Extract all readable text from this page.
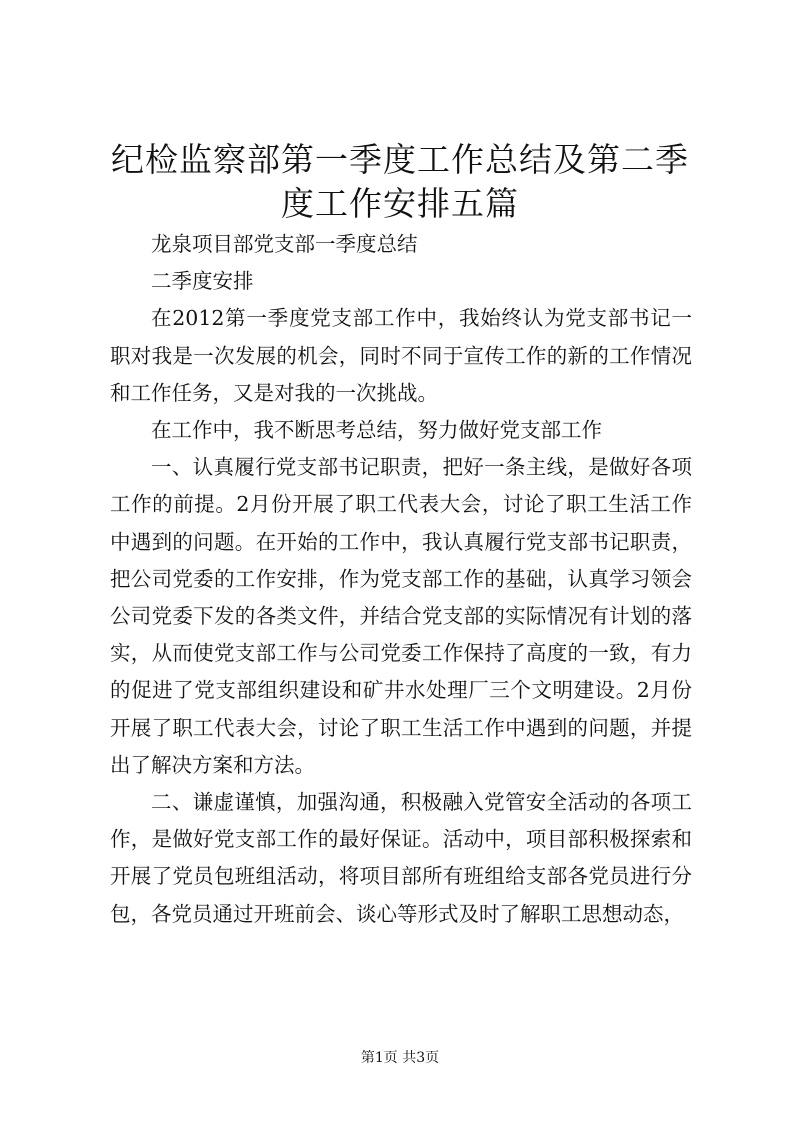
纪检监察部第一季度工作总结及第二季度工作安排五篇

龙泉项目部党支部一季度总结

二季度安排

在2012第一季度党支部工作中，我始终认为党支部书记一职对我是一次发展的机会，同时不同于宣传工作的新的工作情况和工作任务，又是对我的一次挑战。

在工作中，我不断思考总结，努力做好党支部工作

一、认真履行党支部书记职责，把好一条主线，是做好各项工作的前提。2月份开展了职工代表大会，讨论了职工生活工作中遇到的问题。在开始的工作中，我认真履行党支部书记职责，把公司党委的工作安排，作为党支部工作的基础，认真学习领会公司党委下发的各类文件，并结合党支部的实际情况有计划的落实，从而使党支部工作与公司党委工作保持了高度的一致，有力的促进了党支部组织建设和矿井水处理厂三个文明建设。2月份开展了职工代表大会，讨论了职工生活工作中遇到的问题，并提出了解决方案和方法。

二、谦虚谨慎，加强沟通，积极融入党管安全活动的各项工作，是做好党支部工作的最好保证。活动中，项目部积极探索和开展了党员包班组活动，将项目部所有班组给支部各党员进行分包，各党员通过开班前会、谈心等形式及时了解职工思想动态，

第1页 共3页
